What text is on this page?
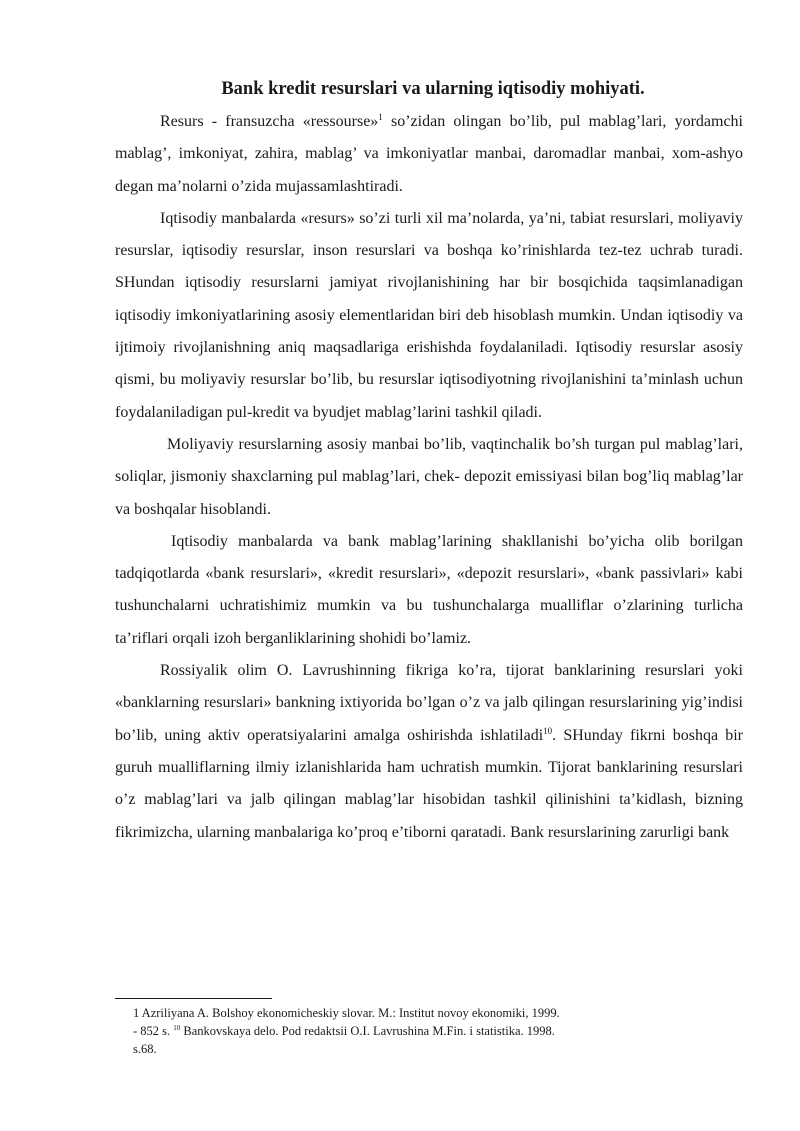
Bank kredit resurslari va ularning iqtisodiy mohiyati.

Resurs - fransuzcha «ressourse»$^1$ so’zidan olingan bo’lib, pul mablag’lari, yordamchi mablag’, imkoniyat, zahira, mablag’ va imkoniyatlar manbai, daromadlar manbai, xom-ashyo degan ma’nolarni o’zida mujassamlashtiradi.

Iqtisodiy manbalarda «resurs» so’zi turli xil ma’nolarda, ya’ni, tabiat resurslari, moliyaviy resurslar, iqtisodiy resurslar, inson resurslari va boshqa ko’rinishlarda tez-tez uchrab turadi. SHundan iqtisodiy resurslarni jamiyat rivojlanishining har bir bosqichida taqsimlanadigan iqtisodiy imkoniyatlarining asosiy elementlaridan biri deb hisoblash mumkin. Undan iqtisodiy va ijtimoiy rivojlanishning aniq maqsadlariga erishishda foydalaniladi. Iqtisodiy resurslar asosiy qismi, bu moliyaviy resurslar bo’lib, bu resurslar iqtisodiyotning rivojlanishini ta’minlash uchun foydalaniladigan pul-kredit va byudjet mablag’larini tashkil qiladi.

Moliyaviy resurslarning asosiy manbai bo’lib, vaqtinchalik bo’sh turgan pul mablag’lari, soliqlar, jismoniy shaxclarning pul mablag’lari, chek- depozit emissiyasi bilan bog’liq mablag’lar va boshqalar hisoblandi.

Iqtisodiy manbalarda va bank mablag’larining shakllanishi bo’yicha olib borilgan tadqiqotlarda «bank resurslari», «kredit resurslari», «depozit resurslari», «bank passivlari» kabi tushunchalarni uchratishimiz mumkin va bu tushunchalarga mualliflar o’zlarining turlicha ta’riflari orqali izoh berganliklarining shohidi bo’lamiz.

Rossiyalik olim O. Lavrushinning fikriga ko’ra, tijorat banklarining resurslari yoki «banklarning resurslari» bankning ixtiyorida bo’lgan o’z va jalb qilingan resurslarining yig’indisi bo’lib, uning aktiv operatsiyalarini amalga oshirishda ishlatiladi$^{10}$. SHunday fikrni boshqa bir guruh mualliflarning ilmiy izlanishlarida ham uchratish mumkin. Tijorat banklarining resurslari o’z mablag’lari va jalb qilingan mablag’lar hisobidan tashkil qilinishini ta’kidlash, bizning fikrimizcha, ularning manbalariga ko’proq e’tiborni qaratadi. Bank resurslarining zarurligi bank

1 Azriliyana A. Bolshoy ekonomicheskiy slovar. M.: Institut novoy ekonomiki, 1999. - 852 s. $^{10}$ Bankovskaya delo. Pod redaktsii O.I. Lavrushina M.Fin. i statistika. 1998. s.68.
